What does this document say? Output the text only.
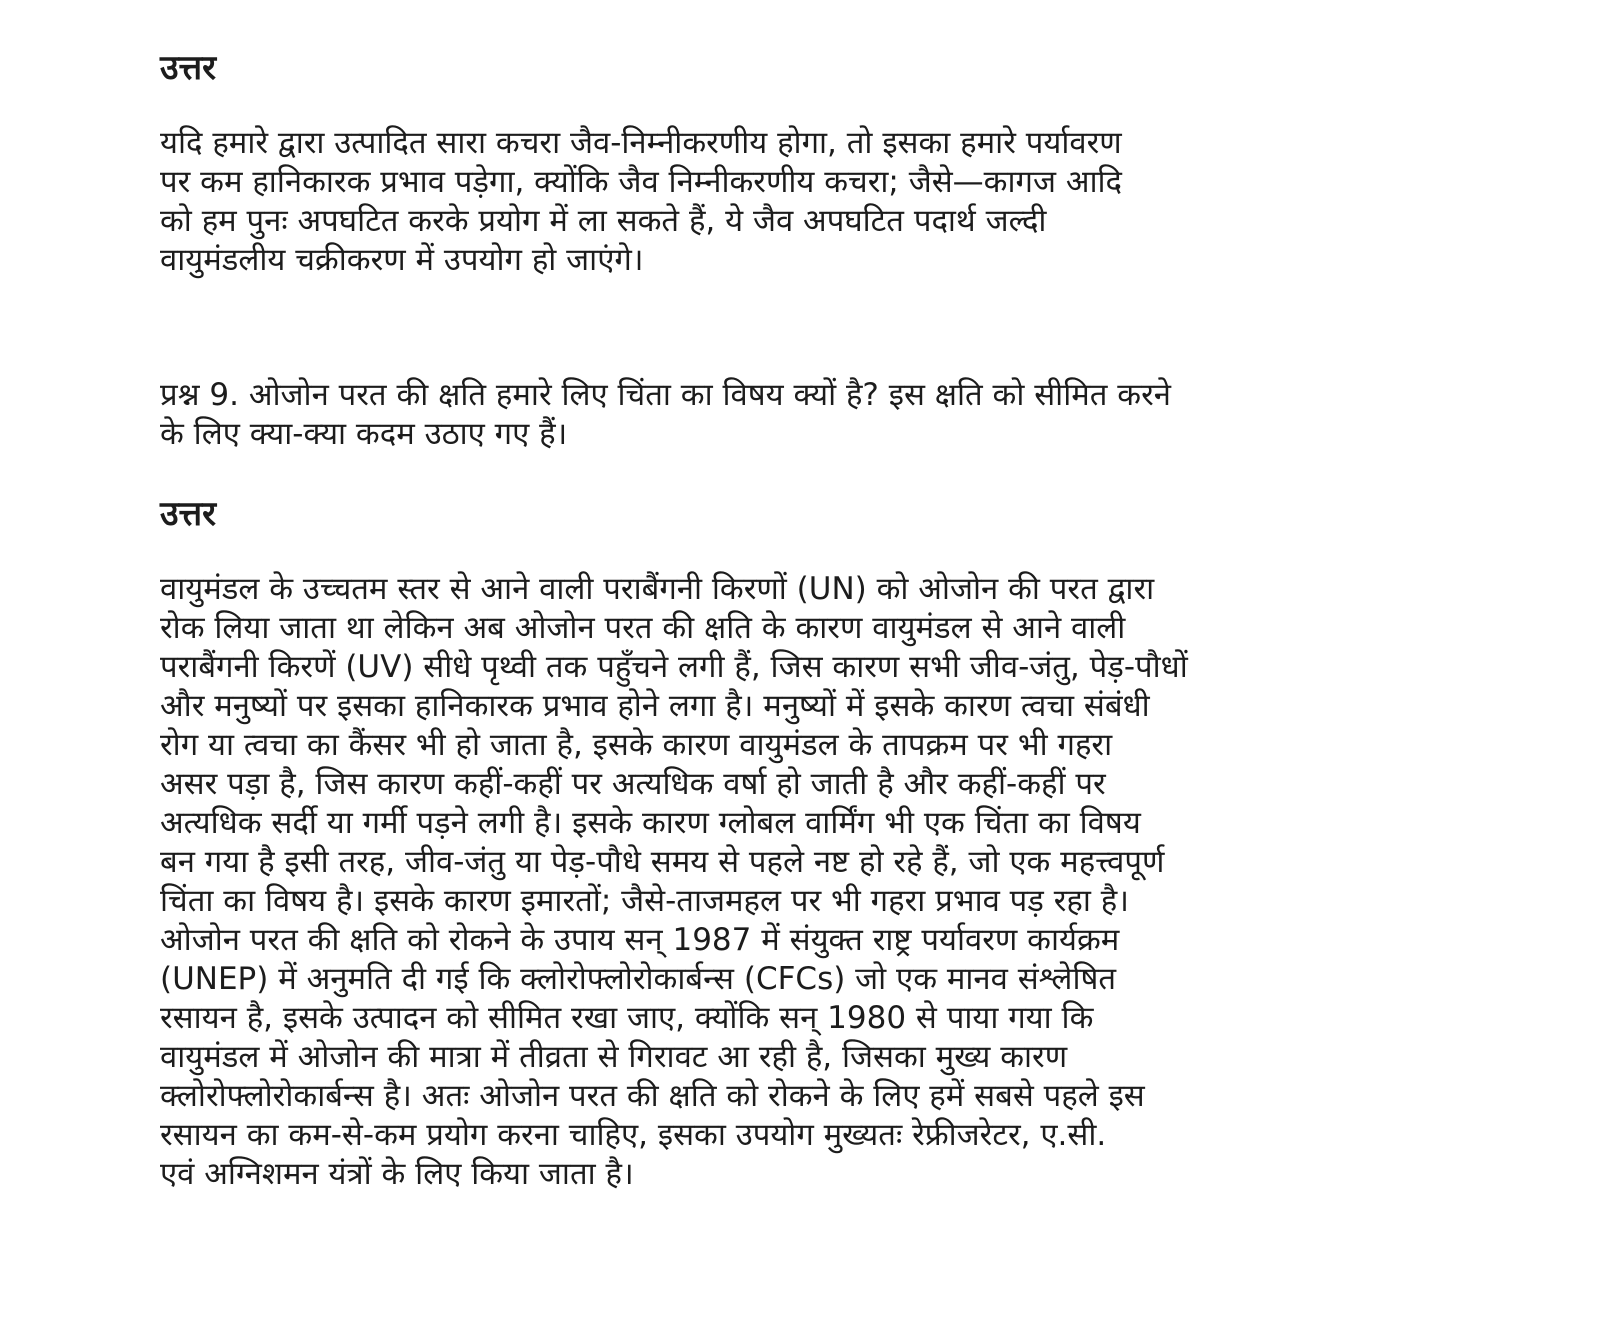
उत्तर

यदि हमारे द्वारा उत्पादित सारा कचरा जैव-निम्नीकरणीय होगा, तो इसका हमारे पर्यावरण
पर कम हानिकारक प्रभाव पड़ेगा, क्योंकि जैव निम्नीकरणीय कचरा; जैसे—कागज आदि
को हम पुनः अपघटित करके प्रयोग में ला सकते हैं, ये जैव अपघटित पदार्थ जल्दी
वायुमंडलीय चक्रीकरण में उपयोग हो जाएंगे।

प्रश्न 9. ओजोन परत की क्षति हमारे लिए चिंता का विषय क्यों है? इस क्षति को सीमित करने
के लिए क्या-क्या कदम उठाए गए हैं।

उत्तर

वायुमंडल के उच्चतम स्तर से आने वाली पराबैंगनी किरणों (UN) को ओजोन की परत द्वारा
रोक लिया जाता था लेकिन अब ओजोन परत की क्षति के कारण वायुमंडल से आने वाली
पराबैंगनी किरणें (UV) सीधे पृथ्वी तक पहुँचने लगी हैं, जिस कारण सभी जीव-जंतु, पेड़-पौधों
और मनुष्यों पर इसका हानिकारक प्रभाव होने लगा है। मनुष्यों में इसके कारण त्वचा संबंधी
रोग या त्वचा का कैंसर भी हो जाता है, इसके कारण वायुमंडल के तापक्रम पर भी गहरा
असर पड़ा है, जिस कारण कहीं-कहीं पर अत्यधिक वर्षा हो जाती है और कहीं-कहीं पर
अत्यधिक सर्दी या गर्मी पड़ने लगी है। इसके कारण ग्लोबल वार्मिंग भी एक चिंता का विषय
बन गया है इसी तरह, जीव-जंतु या पेड़-पौधे समय से पहले नष्ट हो रहे हैं, जो एक महत्त्वपूर्ण
चिंता का विषय है। इसके कारण इमारतों; जैसे-ताजमहल पर भी गहरा प्रभाव पड़ रहा है।
ओजोन परत की क्षति को रोकने के उपाय सन् 1987 में संयुक्त राष्ट्र पर्यावरण कार्यक्रम
(UNEP) में अनुमति दी गई कि क्लोरोफ्लोरोकार्बन्स (CFCs) जो एक मानव संश्लेषित
रसायन है, इसके उत्पादन को सीमित रखा जाए, क्योंकि सन् 1980 से पाया गया कि
वायुमंडल में ओजोन की मात्रा में तीव्रता से गिरावट आ रही है, जिसका मुख्य कारण
क्लोरोफ्लोरोकार्बन्स है। अतः ओजोन परत की क्षति को रोकने के लिए हमें सबसे पहले इस
रसायन का कम-से-कम प्रयोग करना चाहिए, इसका उपयोग मुख्यतः रेफ्रीजरेटर, ए.सी.
एवं अग्निशमन यंत्रों के लिए किया जाता है।
